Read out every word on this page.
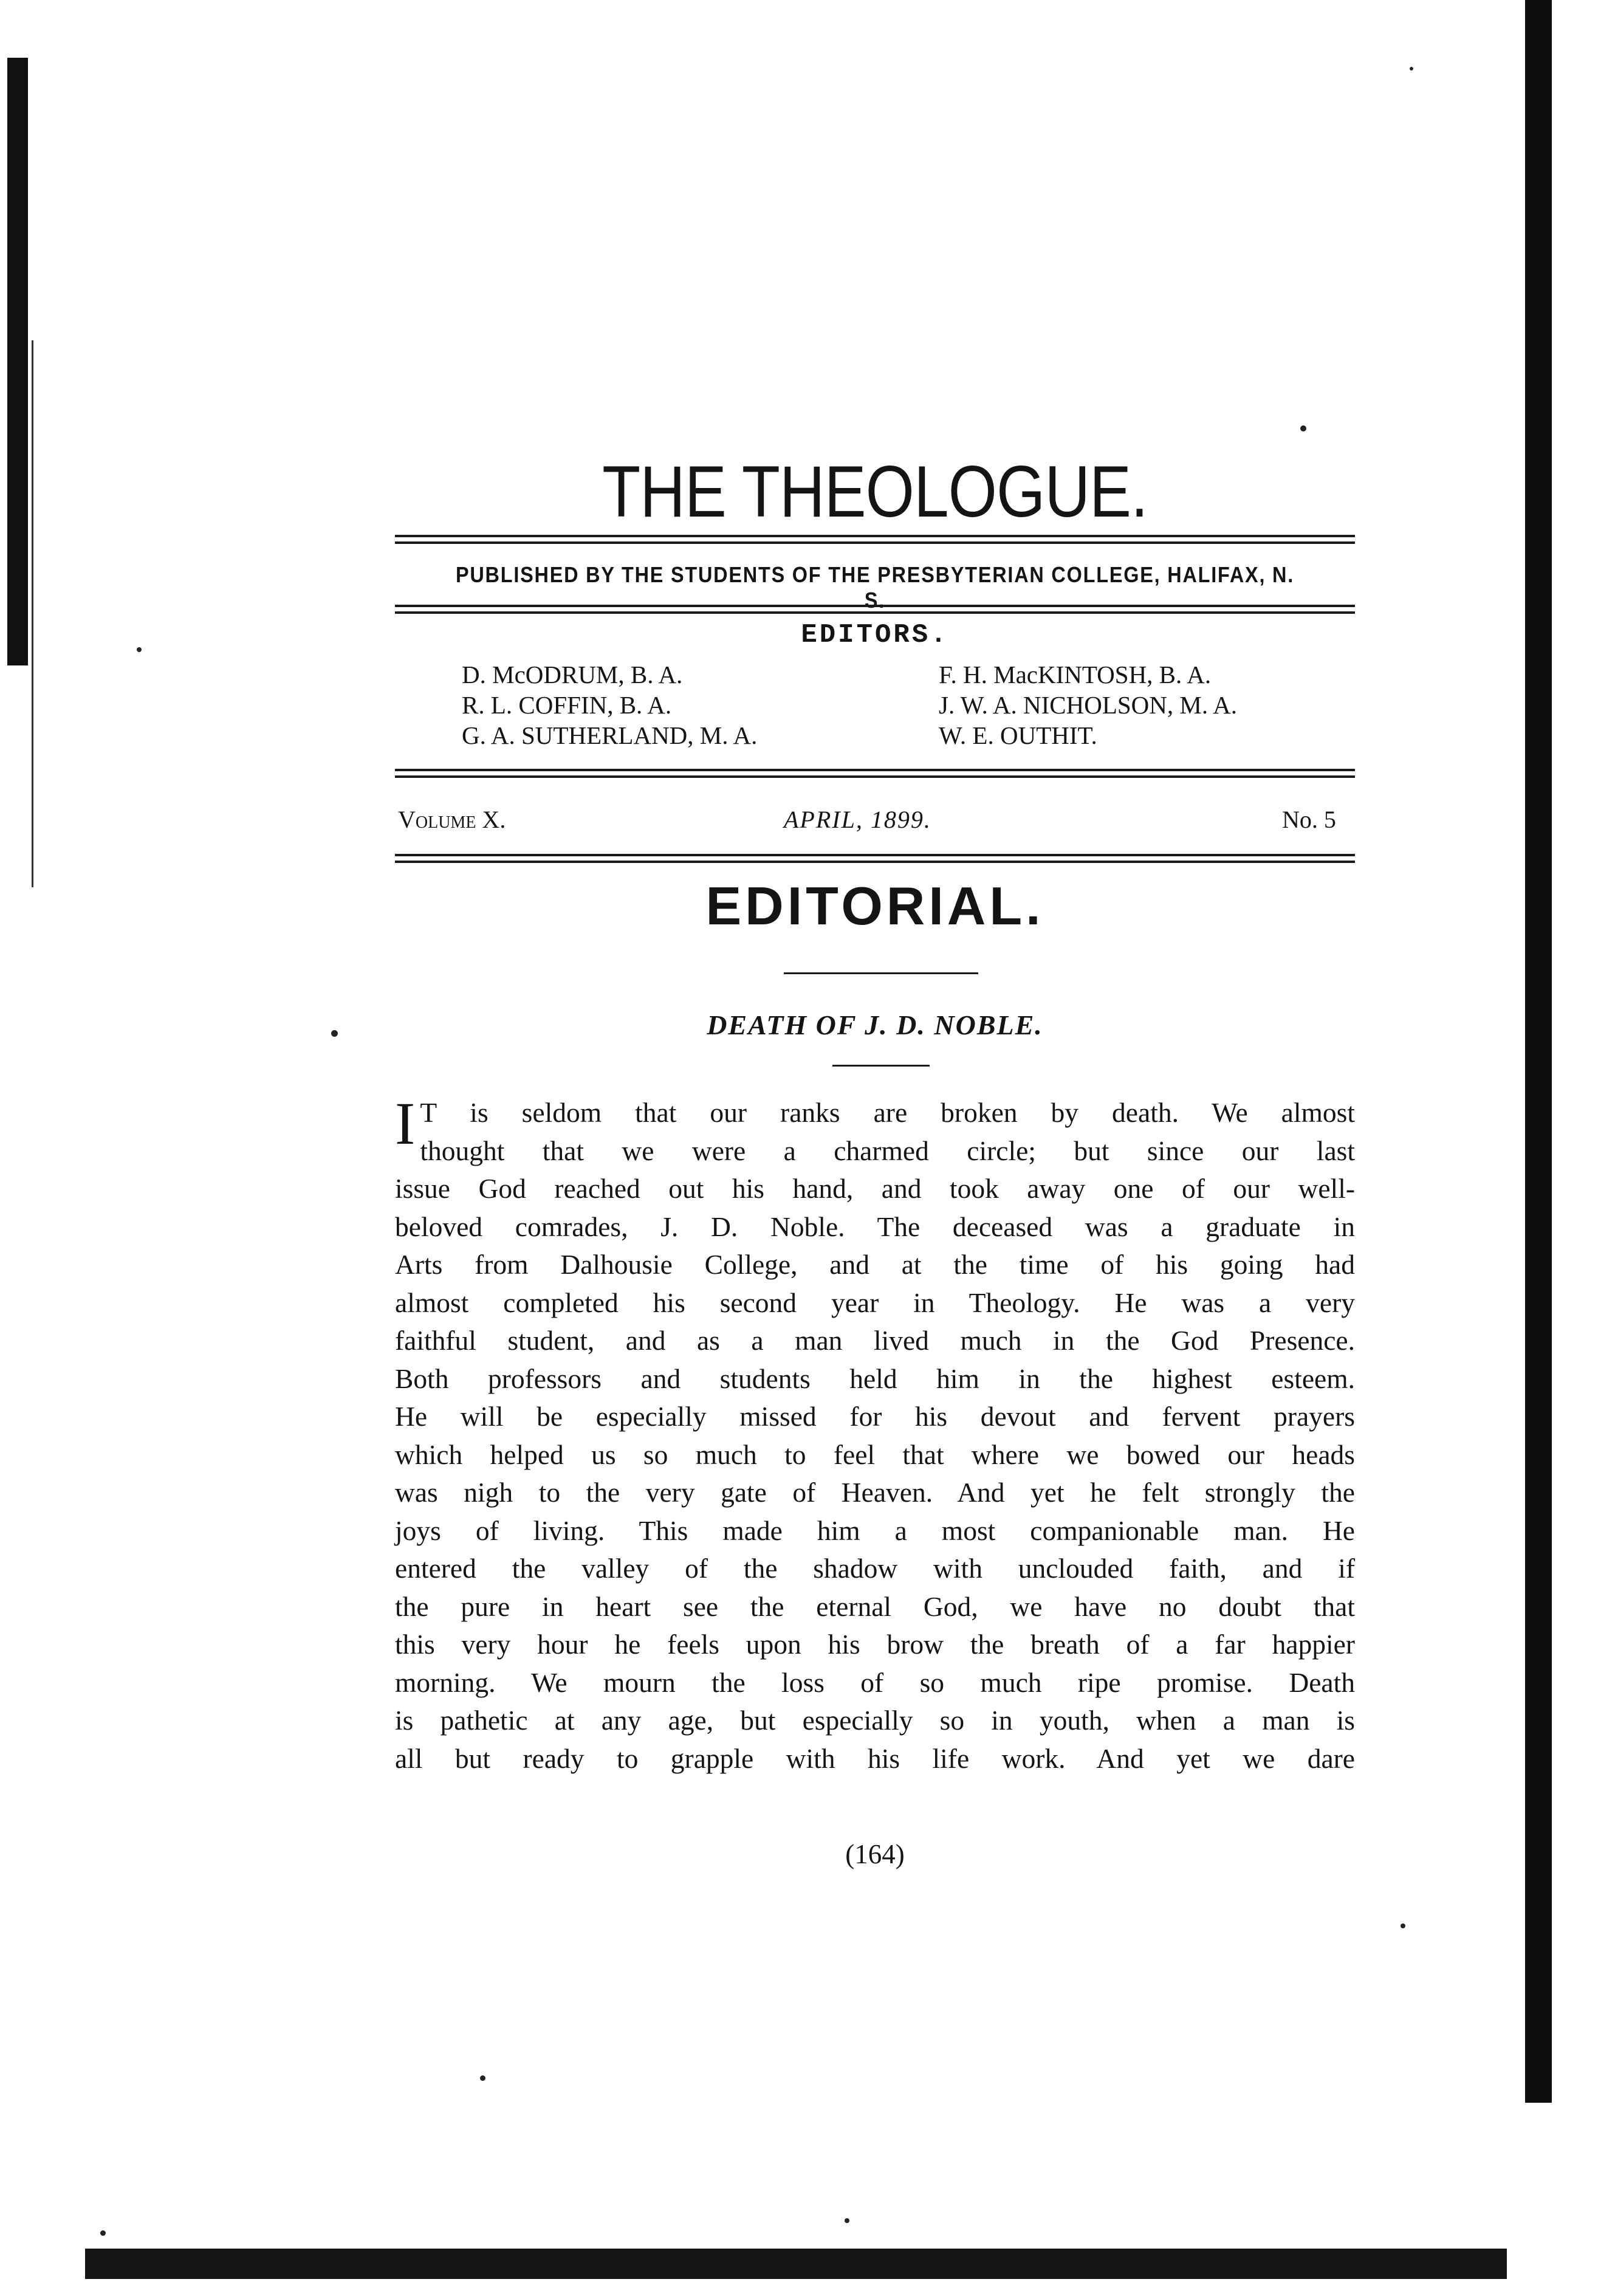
THE THEOLOGUE.
PUBLISHED BY THE STUDENTS OF THE PRESBYTERIAN COLLEGE, HALIFAX, N. S.
EDITORS.
D. McODRUM, B. A.
R. L. COFFIN, B. A.
G. A. SUTHERLAND, M. A.
F. H. MacKINTOSH, B. A.
J. W. A. NICHOLSON, M. A.
W. E. OUTHIT.
Volume X.	APRIL, 1899.	No. 5
EDITORIAL.
DEATH OF J. D. NOBLE.
I T is seldom that our ranks are broken by death. We almost
thought that we were a charmed circle; but since our last
issue God reached out his hand, and took away one of our well-
beloved comrades, J. D. Noble. The deceased was a graduate in
Arts from Dalhousie College, and at the time of his going had
almost completed his second year in Theology. He was a very
faithful student, and as a man lived much in the God Presence.
Both professors and students held him in the highest esteem.
He will be especially missed for his devout and fervent prayers
which helped us so much to feel that where we bowed our heads
was nigh to the very gate of Heaven. And yet he felt strongly the
joys of living. This made him a most companionable man. He
entered the valley of the shadow with unclouded faith, and if
the pure in heart see the eternal God, we have no doubt that
this very hour he feels upon his brow the breath of a far happier
morning. We mourn the loss of so much ripe promise. Death
is pathetic at any age, but especially so in youth, when a man is
all but ready to grapple with his life work. And yet we dare
(164)
